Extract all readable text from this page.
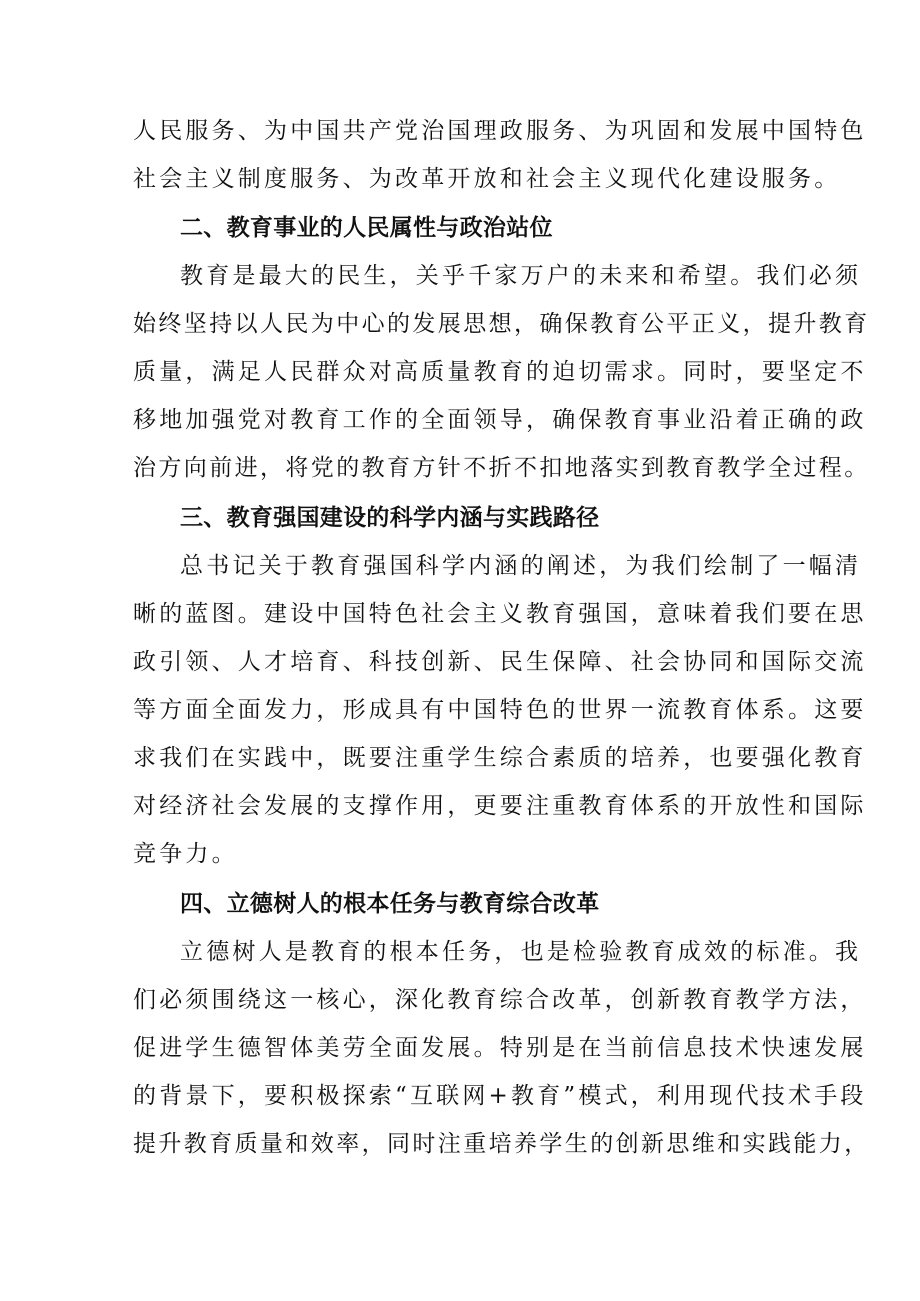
人民服务、为中国共产党治国理政服务、为巩固和发展中国特色

社会主义制度服务、为改革开放和社会主义现代化建设服务。

二、教育事业的人民属性与政治站位

教育是最大的民生，关乎千家万户的未来和希望。我们必须

始终坚持以人民为中心的发展思想，确保教育公平正义，提升教育

质量，满足人民群众对高质量教育的迫切需求。同时，要坚定不

移地加强党对教育工作的全面领导，确保教育事业沿着正确的政

治方向前进，将党的教育方针不折不扣地落实到教育教学全过程。

三、教育强国建设的科学内涵与实践路径

总书记关于教育强国科学内涵的阐述，为我们绘制了一幅清

晰的蓝图。建设中国特色社会主义教育强国，意味着我们要在思

政引领、人才培育、科技创新、民生保障、社会协同和国际交流

等方面全面发力，形成具有中国特色的世界一流教育体系。这要

求我们在实践中，既要注重学生综合素质的培养，也要强化教育

对经济社会发展的支撑作用，更要注重教育体系的开放性和国际

竞争力。

四、立德树人的根本任务与教育综合改革

立德树人是教育的根本任务，也是检验教育成效的标准。我

们必须围绕这一核心，深化教育综合改革，创新教育教学方法，

促进学生德智体美劳全面发展。特别是在当前信息技术快速发展

的背景下，要积极探索“互联网+教育”模式，利用现代技术手段

提升教育质量和效率，同时注重培养学生的创新思维和实践能力，
